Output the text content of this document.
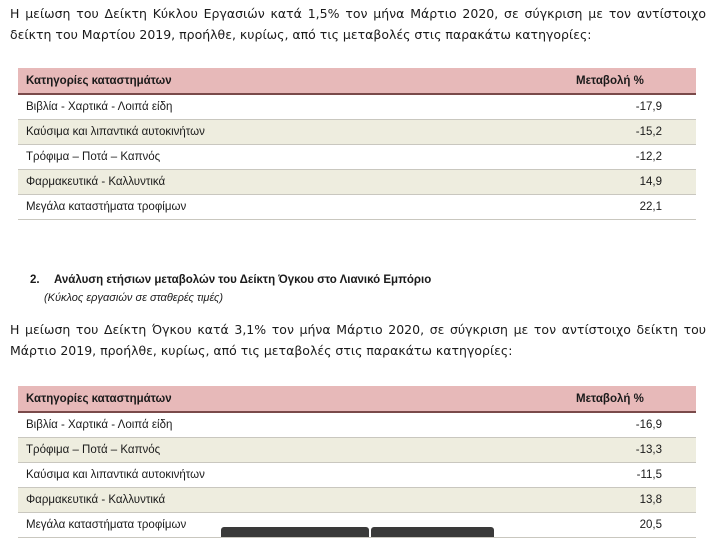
Η μείωση του Δείκτη Κύκλου Εργασιών κατά 1,5% τον μήνα Μάρτιο 2020, σε σύγκριση με τον αντίστοιχο δείκτη του Μαρτίου 2019, προήλθε, κυρίως, από τις μεταβολές στις παρακάτω κατηγορίες:
Κατηγορίες καταστημάτων	Μεταβολή %
Βιβλία - Χαρτικά - Λοιπά είδη	-17,9
Καύσιμα και λιπαντικά αυτοκινήτων	-15,2
Τρόφιμα – Ποτά – Καπνός	-12,2
Φαρμακευτικά - Καλλυντικά	14,9
Μεγάλα καταστήματα τροφίμων	22,1
2. Ανάλυση ετήσιων μεταβολών του Δείκτη Όγκου στο Λιανικό Εμπόριο
(Κύκλος εργασιών σε σταθερές τιμές)
Η μείωση του Δείκτη Όγκου κατά 3,1% τον μήνα Μάρτιο 2020, σε σύγκριση με τον αντίστοιχο δείκτη του Μάρτιο 2019, προήλθε, κυρίως, από τις μεταβολές στις παρακάτω κατηγορίες:
Κατηγορίες καταστημάτων	Μεταβολή %
Βιβλία - Χαρτικά - Λοιπά είδη	-16,9
Τρόφιμα – Ποτά – Καπνός	-13,3
Καύσιμα και λιπαντικά αυτοκινήτων	-11,5
Φαρμακευτικά - Καλλυντικά	13,8
Μεγάλα καταστήματα τροφίμων	20,5
